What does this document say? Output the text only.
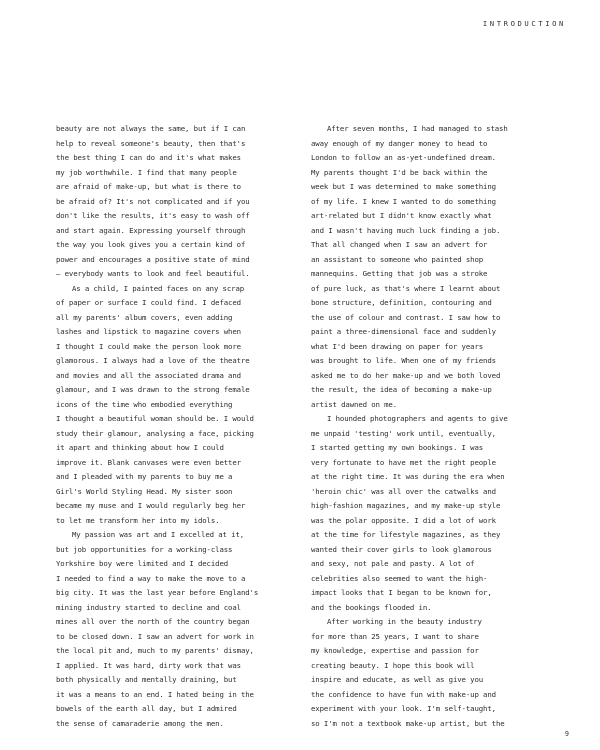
INTRODUCTION

beauty are not always the same, but if I can

help to reveal someone's beauty, then that's

the best thing I can do and it's what makes

my job worthwhile. I find that many people

are afraid of make-up, but what is there to

be afraid of? It's not complicated and if you

don't like the results, it's easy to wash off

and start again. Expressing yourself through

the way you look gives you a certain kind of

power and encourages a positive state of mind

– everybody wants to look and feel beautiful.

As a child, I painted faces on any scrap

of paper or surface I could find. I defaced

all my parents' album covers, even adding

lashes and lipstick to magazine covers when

I thought I could make the person look more

glamorous. I always had a love of the theatre

and movies and all the associated drama and

glamour, and I was drawn to the strong female

icons of the time who embodied everything

I thought a beautiful woman should be. I would

study their glamour, analysing a face, picking

it apart and thinking about how I could

improve it. Blank canvases were even better

and I pleaded with my parents to buy me a

Girl's World Styling Head. My sister soon

became my muse and I would regularly beg her

to let me transform her into my idols.

My passion was art and I excelled at it,

but job opportunities for a working-class

Yorkshire boy were limited and I decided

I needed to find a way to make the move to a

big city. It was the last year before England's

mining industry started to decline and coal

mines all over the north of the country began

to be closed down. I saw an advert for work in

the local pit and, much to my parents' dismay,

I applied. It was hard, dirty work that was

both physically and mentally draining, but

it was a means to an end. I hated being in the

bowels of the earth all day, but I admired

the sense of camaraderie among the men.

After seven months, I had managed to stash

away enough of my danger money to head to

London to follow an as-yet-undefined dream.

My parents thought I'd be back within the

week but I was determined to make something

of my life. I knew I wanted to do something

art-related but I didn't know exactly what

and I wasn't having much luck finding a job.

That all changed when I saw an advert for

an assistant to someone who painted shop

mannequins. Getting that job was a stroke

of pure luck, as that's where I learnt about

bone structure, definition, contouring and

the use of colour and contrast. I saw how to

paint a three-dimensional face and suddenly

what I'd been drawing on paper for years

was brought to life. When one of my friends

asked me to do her make-up and we both loved

the result, the idea of becoming a make-up

artist dawned on me.

I hounded photographers and agents to give

me unpaid 'testing' work until, eventually,

I started getting my own bookings. I was

very fortunate to have met the right people

at the right time. It was during the era when

'heroin chic' was all over the catwalks and

high-fashion magazines, and my make-up style

was the polar opposite. I did a lot of work

at the time for lifestyle magazines, as they

wanted their cover girls to look glamorous

and sexy, not pale and pasty. A lot of

celebrities also seemed to want the high-

impact looks that I began to be known for,

and the bookings flooded in.

After working in the beauty industry

for more than 25 years, I want to share

my knowledge, expertise and passion for

creating beauty. I hope this book will

inspire and educate, as well as give you

the confidence to have fun with make-up and

experiment with your look. I'm self-taught,

so I'm not a textbook make-up artist, but the

9
